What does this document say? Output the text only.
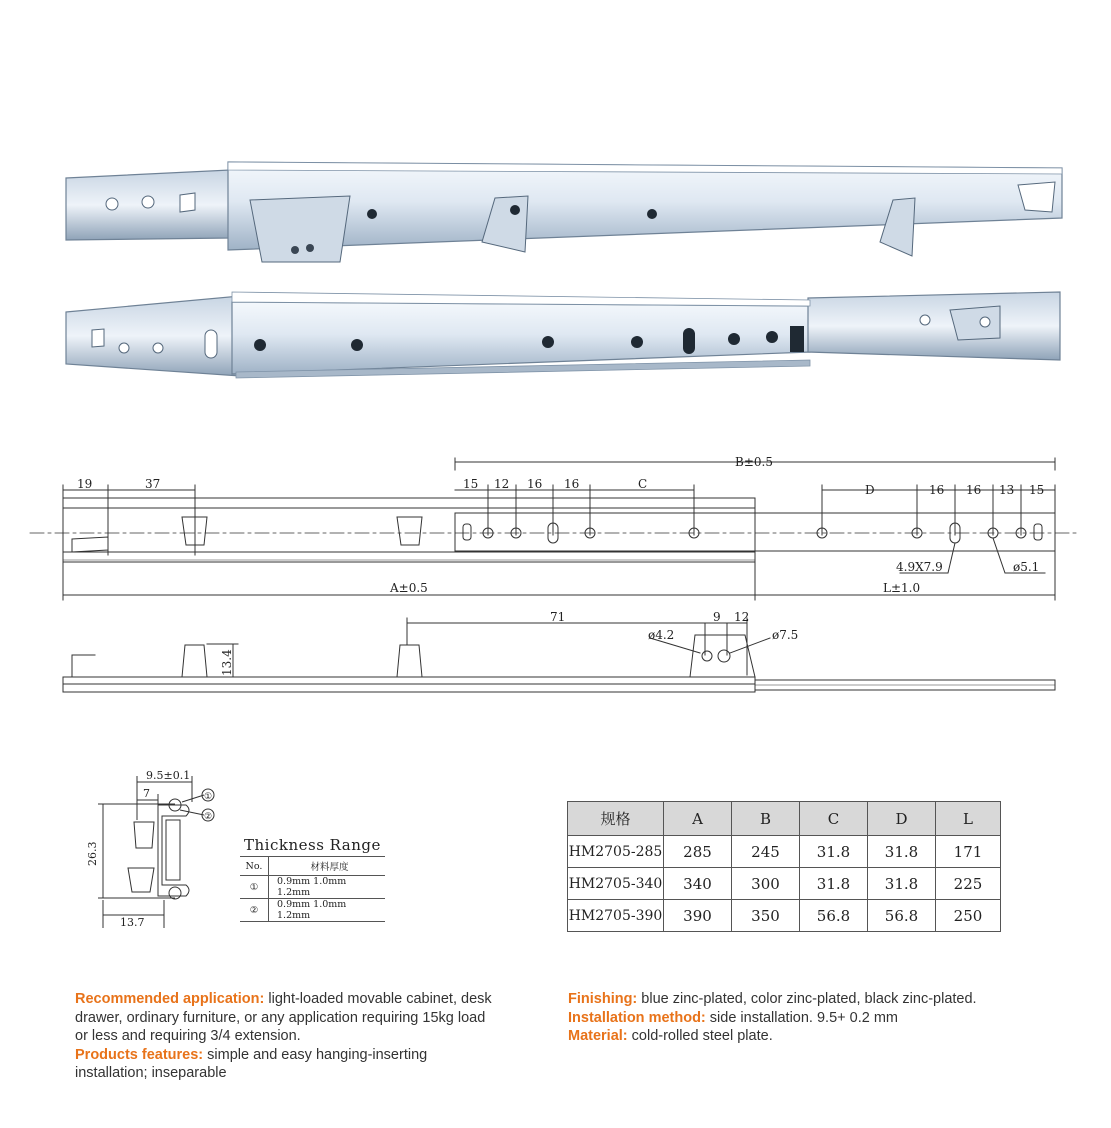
B±0.5
19	37	15 12 16 16	C	D	16 16 13 15
4.9X7.9	ø5.1
A±0.5	L±1.0
71	9 12
ø4.2	ø7.5
13.4
9.5±0.1
7
26.3
13.7
①
②
Thickness Range
No.	材料厚度
①	0.9mm 1.0mm 1.2mm
②	0.9mm 1.0mm 1.2mm
规格	A	B	C	D	L
HM2705-285	285	245	31.8	31.8	171
HM2705-340	340	300	31.8	31.8	225
HM2705-390	390	350	56.8	56.8	250
Recommended application: light-loaded movable cabinet, desk drawer, ordinary furniture, or any application requiring 15kg load or less and requiring 3/4 extension.
Products features: simple and easy hanging-inserting installation; inseparable
Finishing: blue zinc-plated, color zinc-plated, black zinc-plated.
Installation method: side installation. 9.5+ 0.2 mm
Material: cold-rolled steel plate.
